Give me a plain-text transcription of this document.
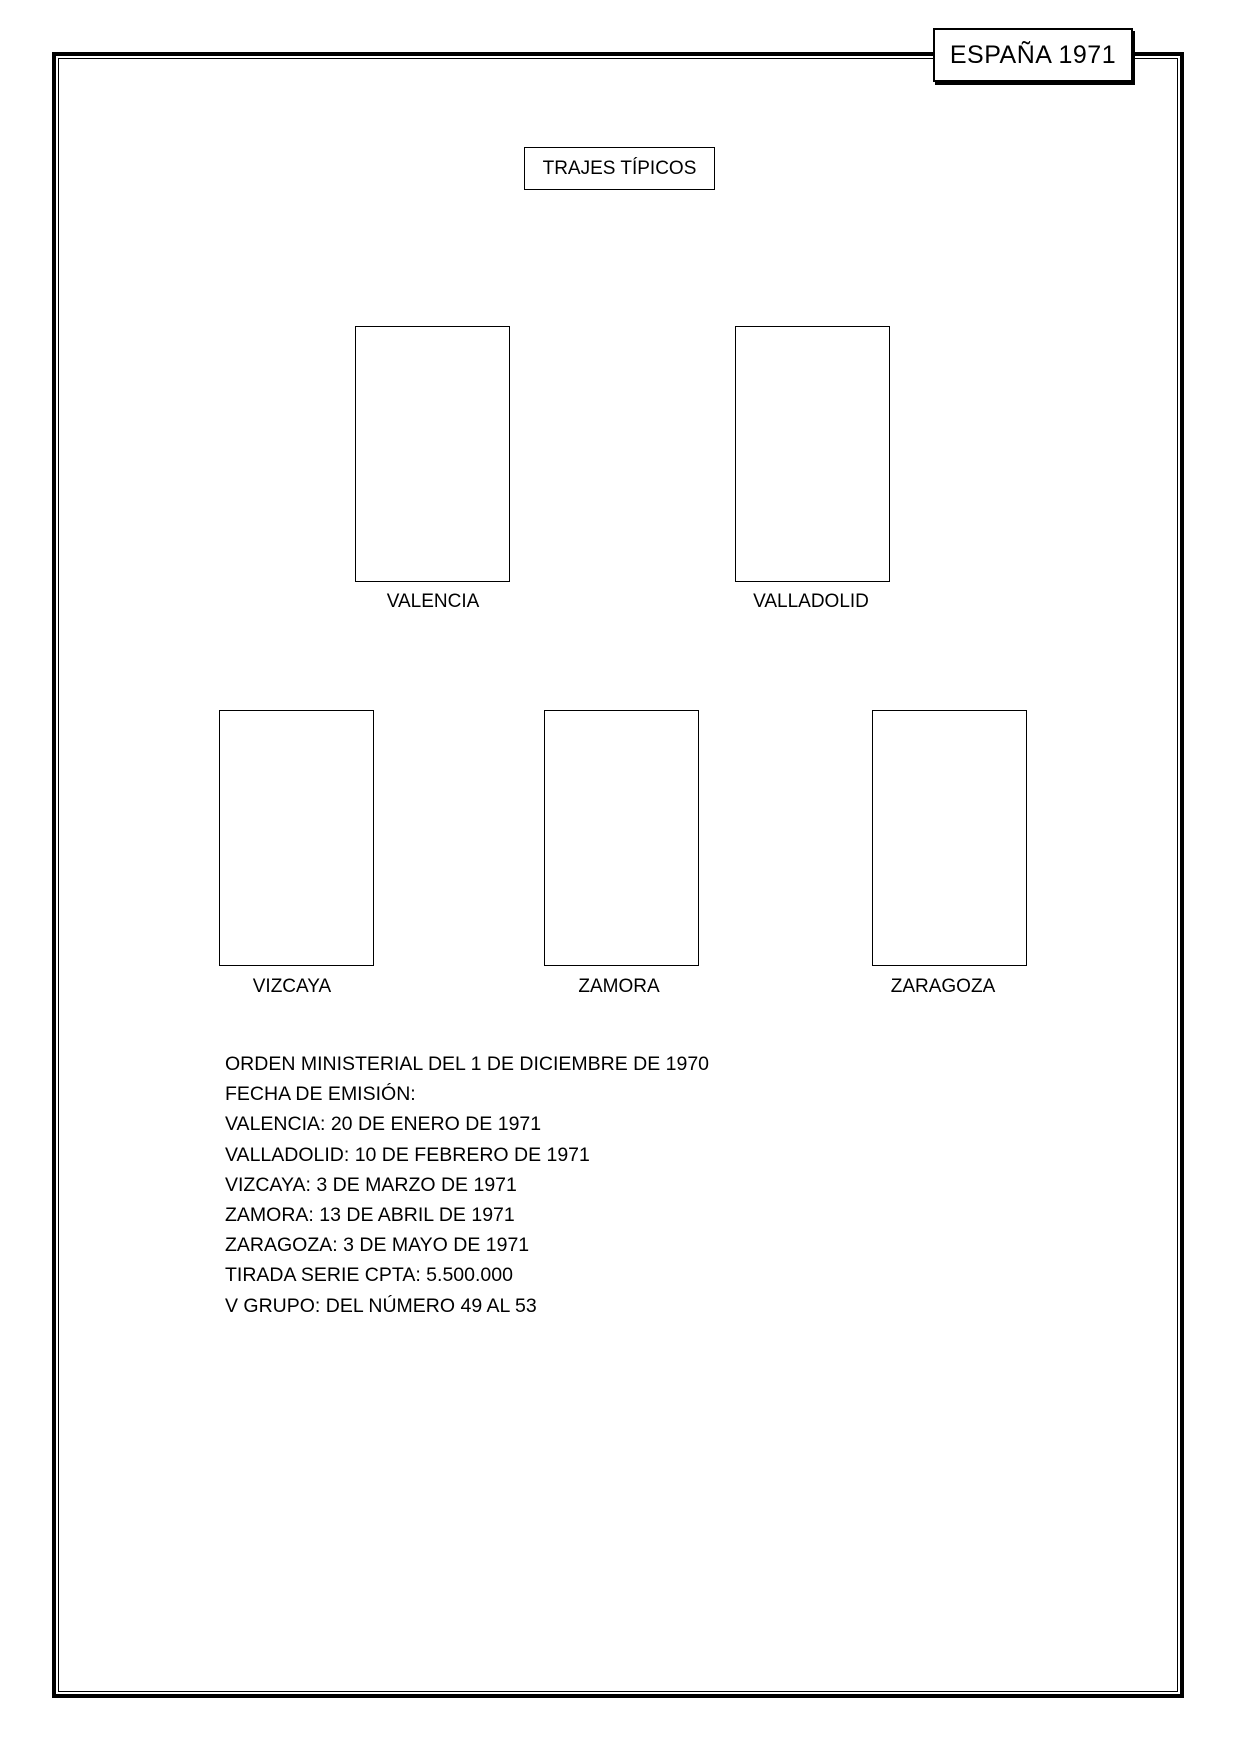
ESPAÑA 1971
TRAJES TÍPICOS
VALENCIA	VALLADOLID
VIZCAYA	ZAMORA	ZARAGOZA
ORDEN MINISTERIAL DEL 1 DE DICIEMBRE DE 1970
FECHA DE EMISIÓN:
VALENCIA: 20 DE ENERO DE 1971
VALLADOLID: 10 DE FEBRERO DE 1971
VIZCAYA: 3 DE MARZO DE 1971
ZAMORA: 13 DE ABRIL DE 1971
ZARAGOZA: 3 DE MAYO DE 1971
TIRADA SERIE CPTA: 5.500.000
V GRUPO: DEL NÚMERO 49 AL 53
